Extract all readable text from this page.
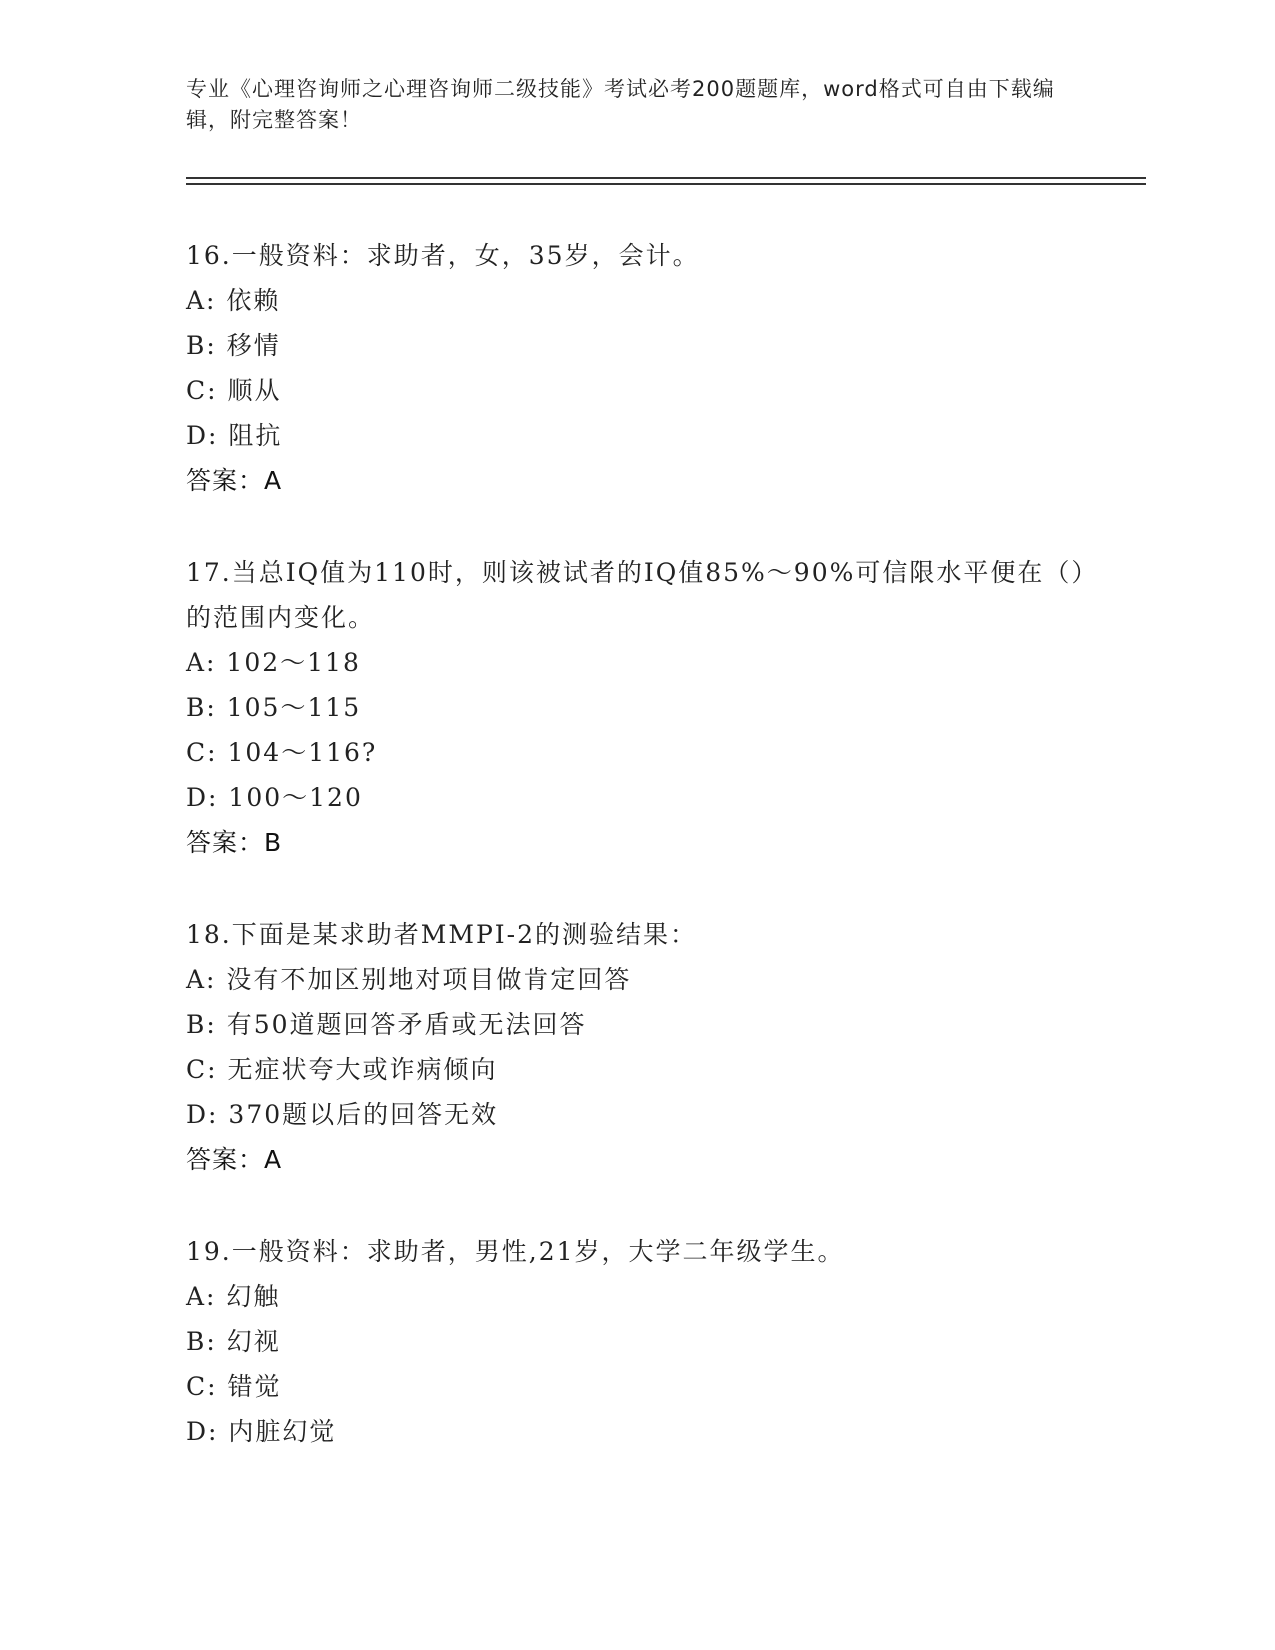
专业《心理咨询师之心理咨询师二级技能》考试必考200题题库，word格式可自由下载编辑，附完整答案！
16.一般资料：求助者，女，35岁，会计。
A: 依赖
B: 移情
C: 顺从
D: 阻抗
答案：A
17.当总IQ值为110时，则该被试者的IQ值85%～90%可信限水平便在（）的范围内变化。
A: 102～118
B: 105～115
C: 104～116?
D: 100～120
答案：B
18.下面是某求助者MMPI-2的测验结果：
A: 没有不加区别地对项目做肯定回答
B: 有50道题回答矛盾或无法回答
C: 无症状夸大或诈病倾向
D: 370题以后的回答无效
答案：A
19.一般资料：求助者，男性,21岁，大学二年级学生。
A: 幻触
B: 幻视
C: 错觉
D: 内脏幻觉
